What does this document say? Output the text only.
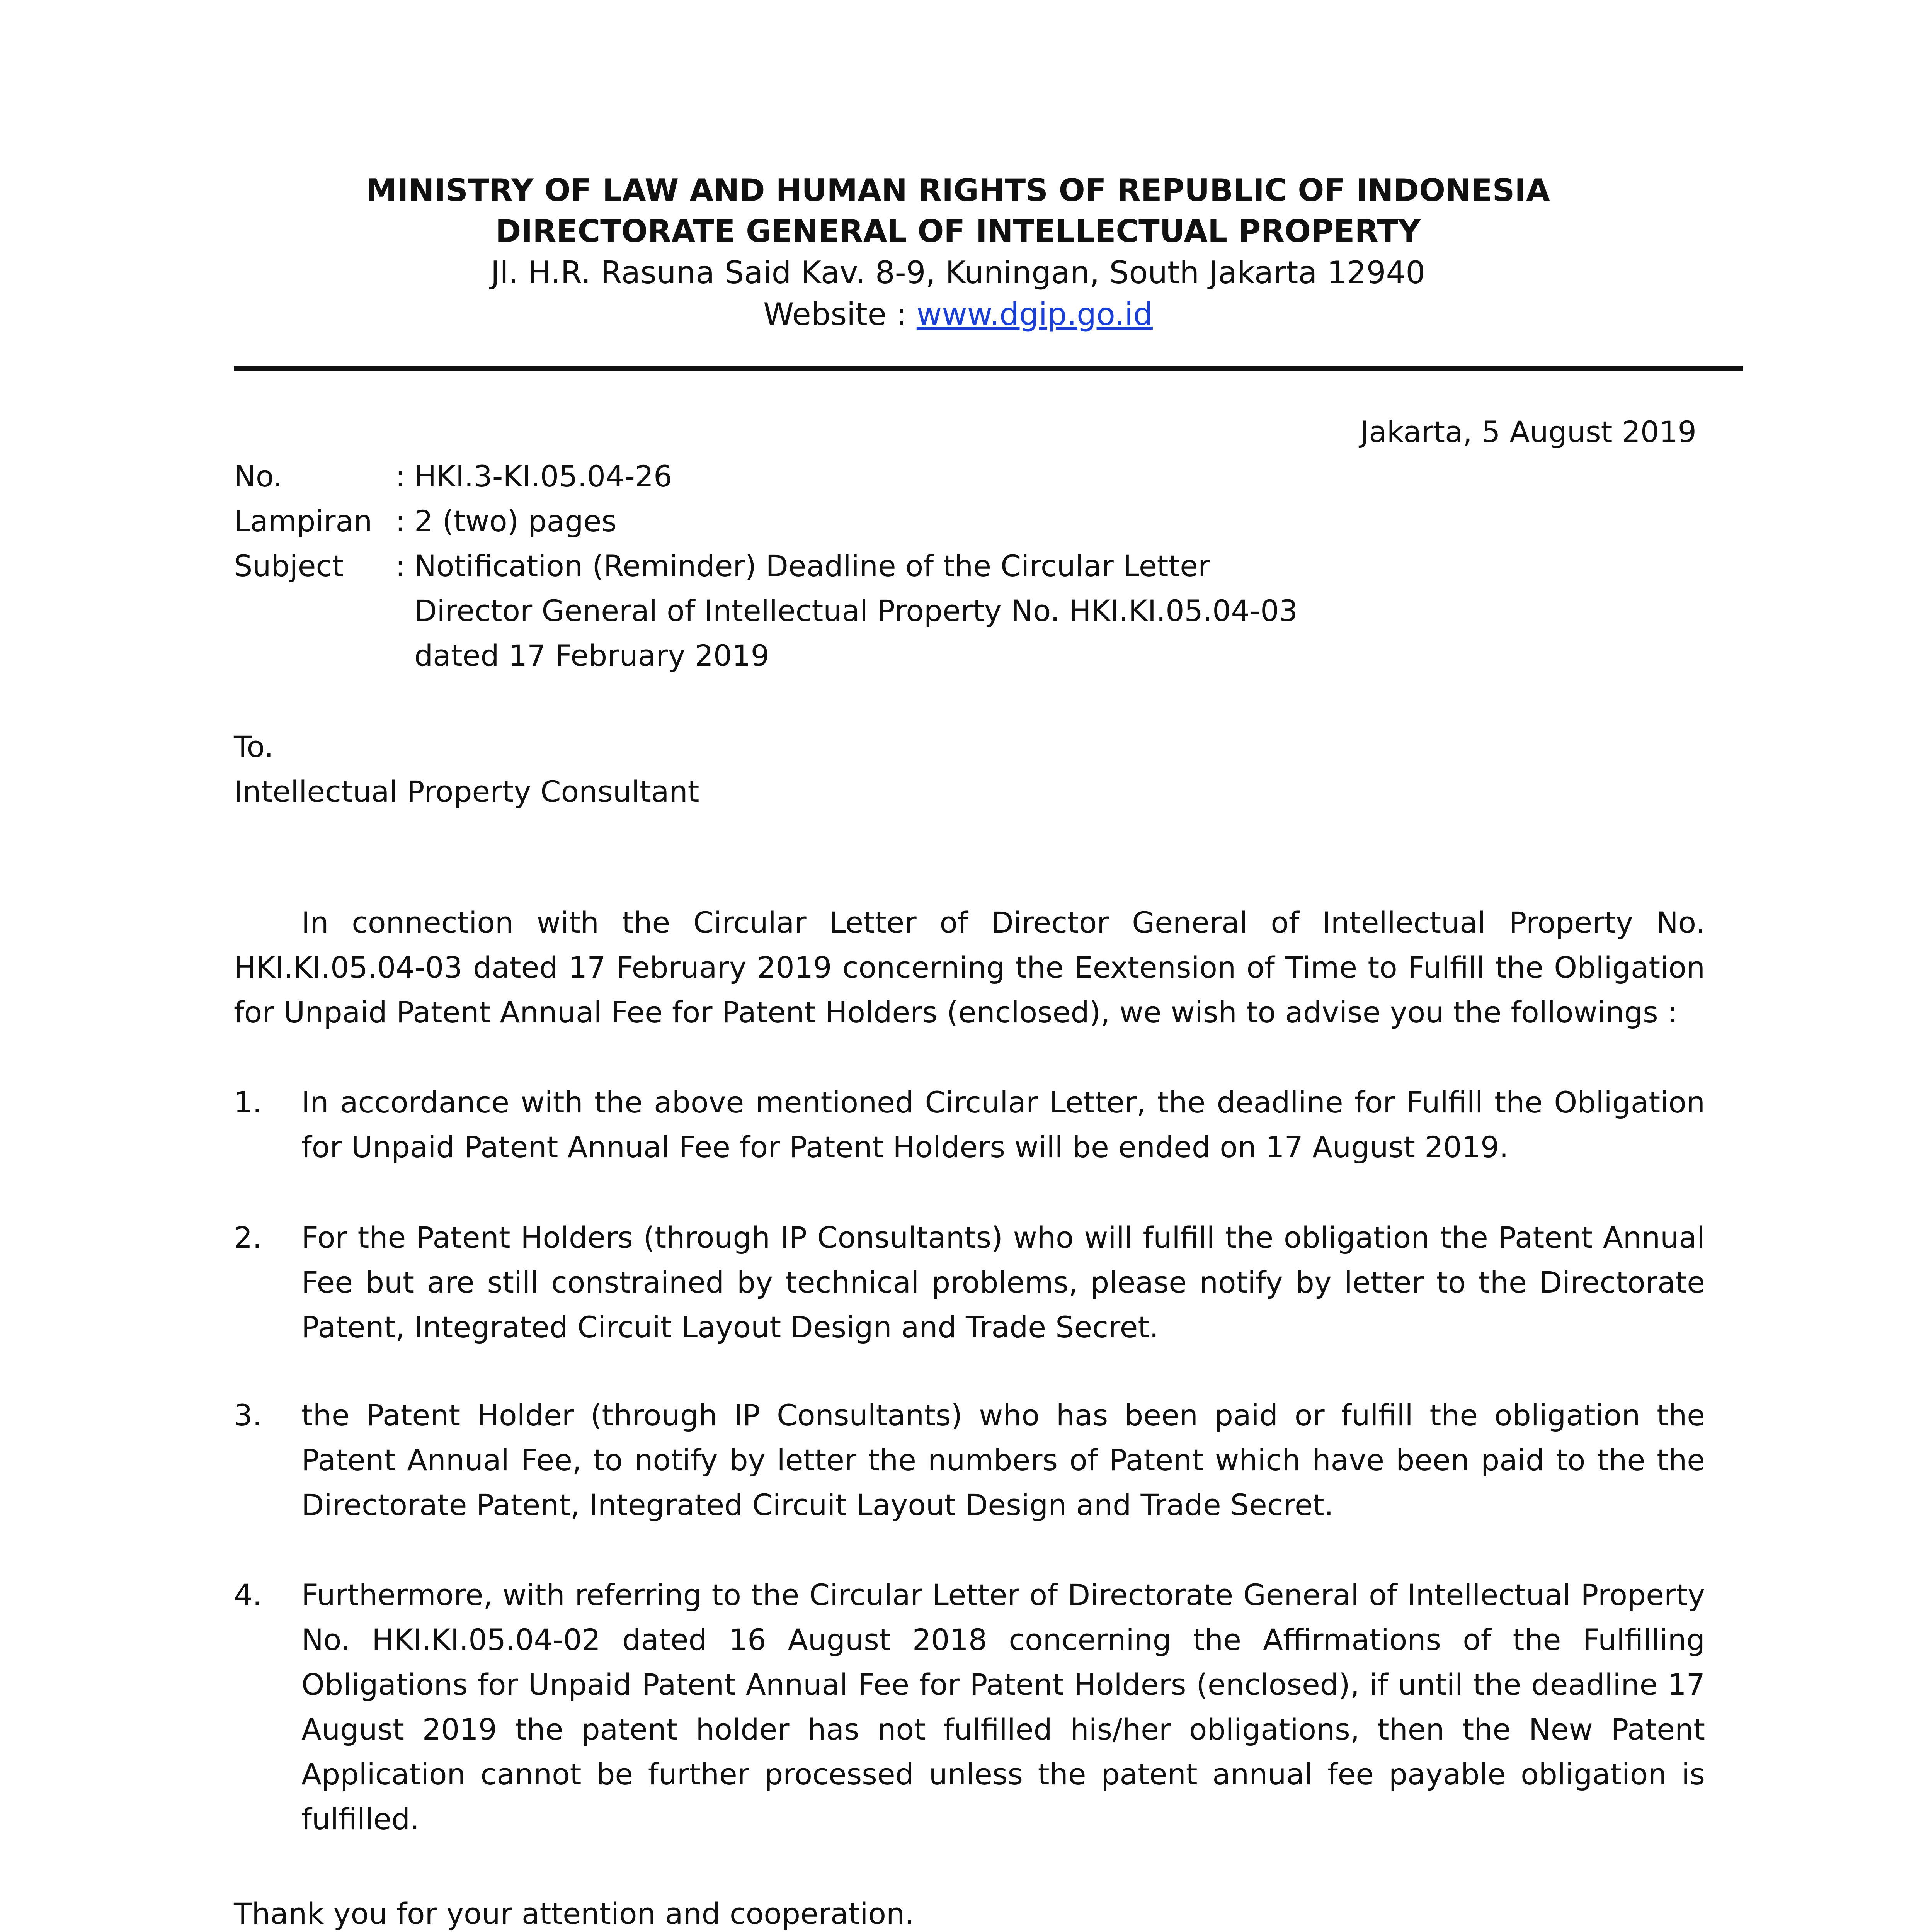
MINISTRY OF LAW AND HUMAN RIGHTS OF REPUBLIC OF INDONESIA
DIRECTORATE GENERAL OF INTELLECTUAL PROPERTY
Jl. H.R. Rasuna Said Kav. 8-9, Kuningan, South Jakarta 12940
Website : www.dgip.go.id
Jakarta, 5 August 2019
No.	: HKI.3-KI.05.04-26
Lampiran : 2 (two) pages
Subject : Notification (Reminder) Deadline of the Circular Letter
Director General of Intellectual Property No. HKI.KI.05.04-03
dated 17 February 2019
To.
Intellectual Property Consultant
In connection with the Circular Letter of Director General of Intellectual Property No. HKI.KI.05.04-03 dated 17 February 2019 concerning the Eextension of Time to Fulfill the Obligation for Unpaid Patent Annual Fee for Patent Holders (enclosed), we wish to advise you the followings :
1. In accordance with the above mentioned Circular Letter, the deadline for Fulfill the Obligation for Unpaid Patent Annual Fee for Patent Holders will be ended on 17 August 2019.
2. For the Patent Holders (through IP Consultants) who will fulfill the obligation the Patent Annual Fee but are still constrained by technical problems, please notify by letter to the Directorate Patent, Integrated Circuit Layout Design and Trade Secret.
3. the Patent Holder (through IP Consultants) who has been paid or fulfill the obligation the Patent Annual Fee, to notify by letter the numbers of Patent which have been paid to the the Directorate Patent, Integrated Circuit Layout Design and Trade Secret.
4. Furthermore, with referring to the Circular Letter of Directorate General of Intellectual Property No. HKI.KI.05.04-02 dated 16 August 2018 concerning the Affirmations of the Fulfilling Obligations for Unpaid Patent Annual Fee for Patent Holders (enclosed), if until the deadline 17 August 2019 the patent holder has not fulfilled his/her obligations, then the New Patent Application cannot be further processed unless the patent annual fee payable obligation is fulfilled.
Thank you for your attention and cooperation.
